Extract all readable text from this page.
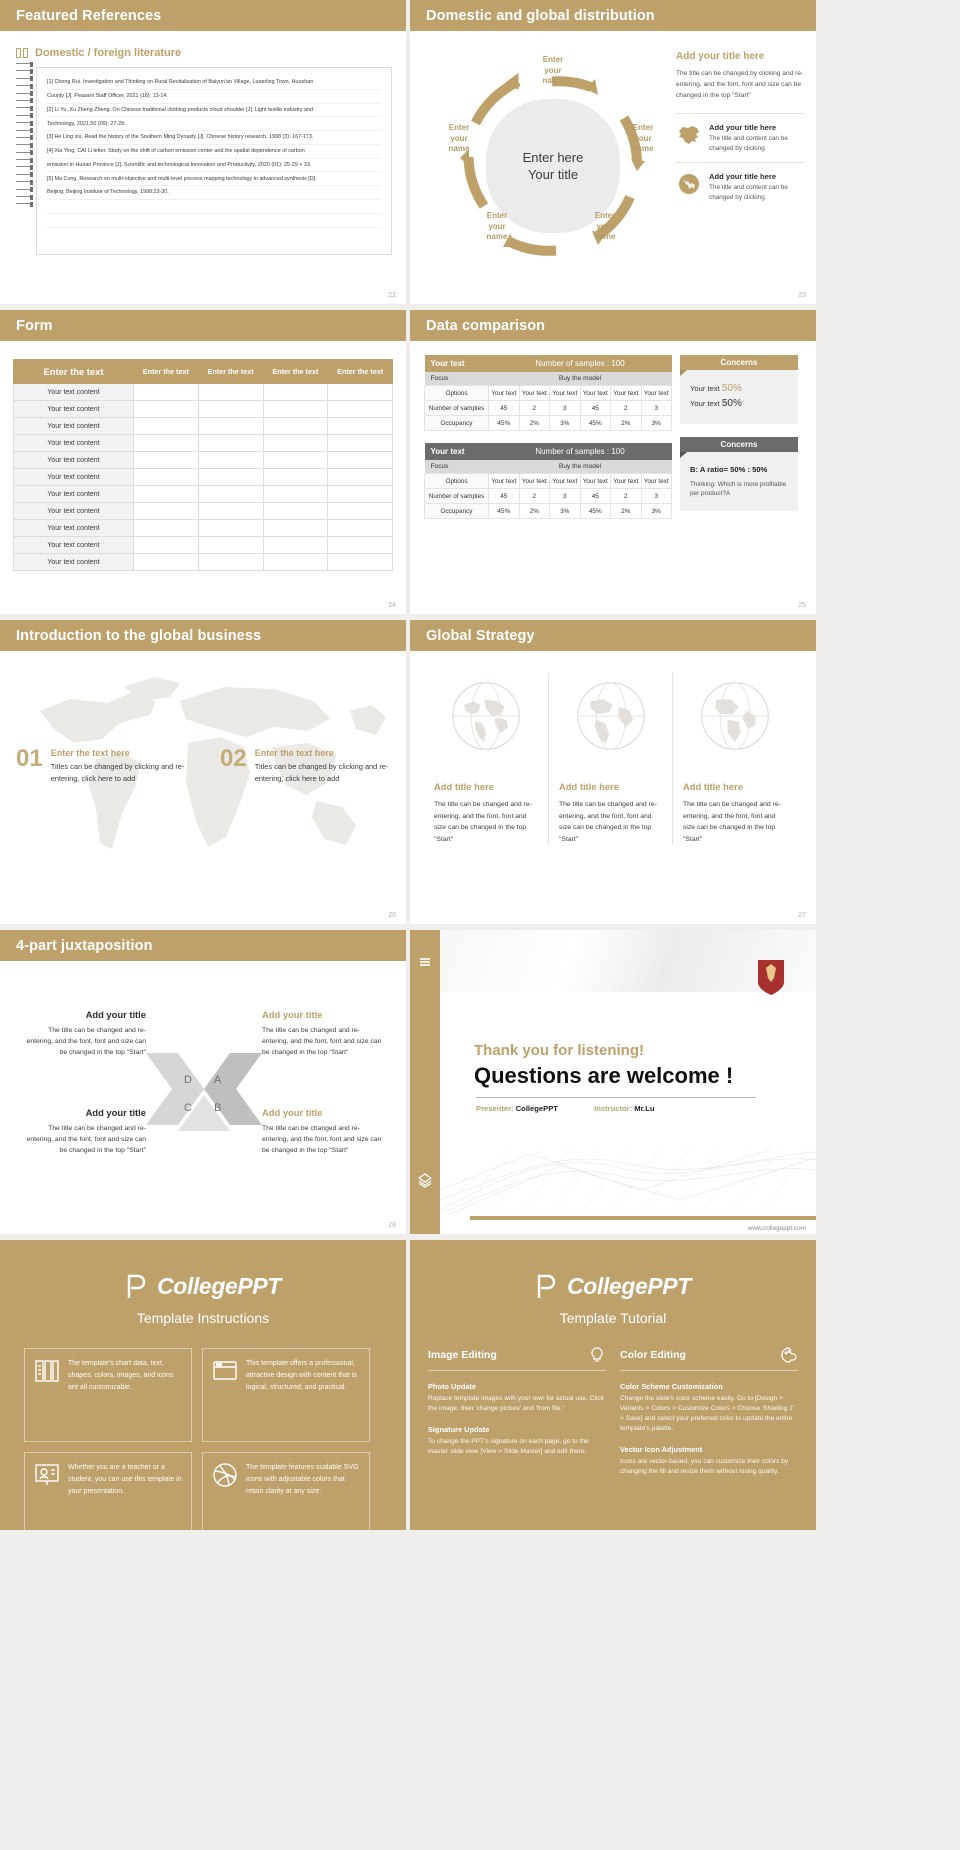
Featured References
Domestic / foreign literature
[1] Cheng Rui. Investigation and Thinking on Rural Revitalization of Baiyun'an Village, Luoerling Town, Huoshan
County [J]. Peasant Staff Officer, 2021 (18): 13-14.
[2] Li Yu, Xu Zheng Zheng. On Chinese traditional clothing products cloud shoulder [J]. Light textile industry and
Technology, 2021,50 (09): 27-28.
[3] He Ling xiu. Read the history of the Southern Ming Dynasty [J]. Chinese history research, 1998 (3): 167-173.
[4] Xia Ying, CAI Li letter. Study on the shift of carbon emission center and the spatial dependence of carbon
emission in Hunan Province [J]. Scientific and technological Innovation and Productivity, 2020 (01): 25-29 + 33.
[5] Ma Cong. Research on multi-objective and multi-level process mapping technology in advanced synthesis [D].
Beijing: Beijing Institute of Technology, 1998:23-30.

22
Domestic and global distribution
Enter here
Your title
Enter
your
name
Enter
your
name
Enter
your
name
Enter
your
name
Enter
your
name
Add your title here

The title can be changed by clicking and re-entering, and the font, font and size can be changed in the top "Start"

Add your title here

The title and content can be changed by clicking

Add your title here

The title and content can be changed by clicking

23
Form
Enter the text	Enter the text	Enter the text	Enter the text	Enter the text
Your text content				
Your text content				
Your text content				
Your text content				
Your text content				
Your text content				
Your text content				
Your text content				
Your text content				
Your text content				
Your text content				
24
Data comparison
Your text	Number of samples : 100					
Focus	Buy the model					
Options	Your text	Your text	Your text	Your text	Your text	Your text
Number of samples	45	2	3	45	2	3
Occupancy	45%	2%	3%	45%	2%	3%
Your text	Number of samples : 100					
Focus	Buy the model					
Options	Your text	Your text	Your text	Your text	Your text	Your text
Number of samples	45	2	3	45	2	3
Occupancy	45%	2%	3%	45%	2%	3%
Concerns
Your text 50%
Your text 50%
Concerns
B: A ratio= 50% : 50%
Thinking: Which is more profitable per product?A
25
Introduction to the global business
01 Enter the text here

Titles can be changed by clicking and re-entering, click here to add

02 Enter the text here

Titles can be changed by clicking and re-entering, click here to add

26
Global Strategy
Add title here

The title can be changed and re-entering, and the font, font and size can be changed in the top "Start"

Add title here

The title can be changed and re-entering, and the font, font and size can be changed in the top "Start"

Add title here

The title can be changed and re-entering, and the font, font and size can be changed in the top "Start"

27
4-part juxtaposition
Add your title

The title can be changed and re-entering, and the font, font and size can be changed in the top "Start"

Add your title

The title can be changed and re-entering, and the font, font and size can be changed in the top "Start"

Add your title

The title can be changed and re-entering, and the font, font and size can be changed in the top "Start"

Add your title

The title can be changed and re-entering, and the font, font and size can be changed in the top "Start"

D A
C B
28
Thank you for listening!
Questions are welcome !
Presenter: CollegePPT	Instructor: Mr.Lu
www.collegeppt.com
CollegePPT
Template Instructions

The template's chart data, text, shapes, colors, images, and icons are all customizable.

This template offers a professional, attractive design with content that is logical, structured, and practical.

Whether you are a teacher or a student, you can use this template in your presentation.

The template features scalable SVG icons with adjustable colors that retain clarity at any size.

CollegePPT
Template Tutorial
Image Editing
Photo Update

Replace template images with your own for actual use. Click the image, then 'change picture' and 'from file.'

Signature Update

To change the PPT's signature on each page, go to the master slide view [View > Slide Master] and edit there.

Color Editing
Color Scheme Customization

Change the slide's color scheme easily. Go to [Design > Variants > Colors > Customize Colors > Choose 'Shading 1' > Save] and select your preferred color to update the entire template's palette.

Vector Icon Adjustment

Icons are vector-based; you can customize their colors by changing the fill and resize them without losing quality.
